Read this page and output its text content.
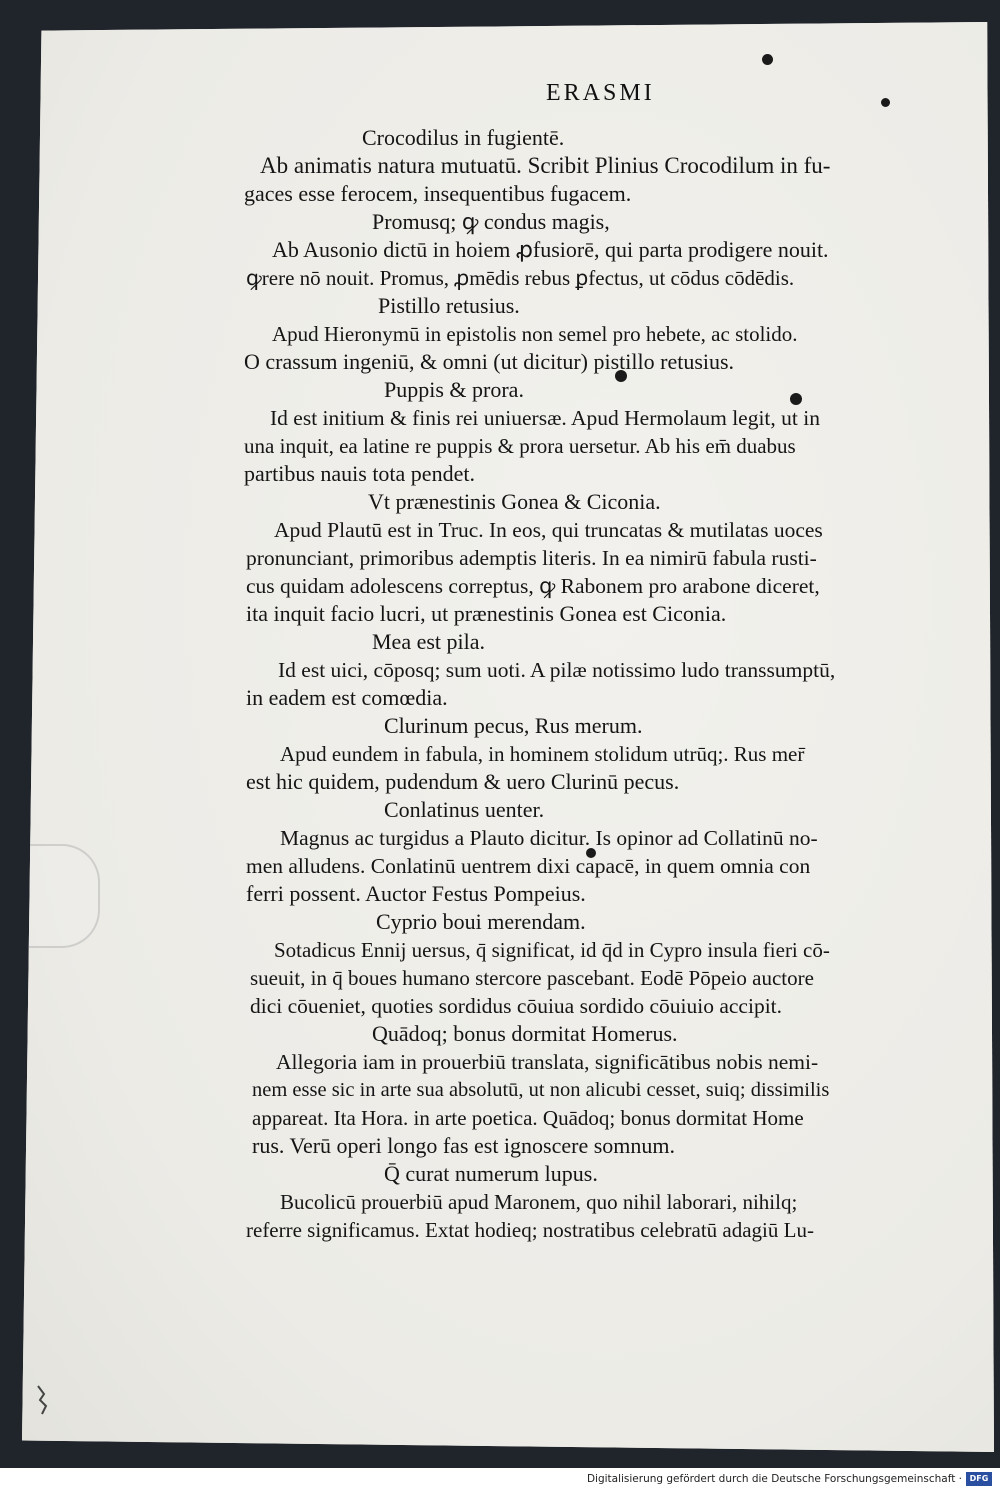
ERASMI
Crocodilus in fugientē.
Ab animatis natura mutuatū. Scribit Plinius Crocodilum in fu-
gaces esse ferocem, insequentibus fugacem.
Promusq; ꝙ condus magis,
Ab Ausonio dictū in hoiem ꝓfusiorē, qui parta prodigere nouit.
ꝙrere nō nouit. Promus, ꝓmēdis rebus ꝑfectus, ut cōdus cōdēdis.
Pistillo retusius.
Apud Hieronymū in epistolis non semel pro hebete, ac stolido.
O crassum ingeniū, & omni (ut dicitur) pistillo retusius.
Puppis & prora.
Id est initium & finis rei uniuersæ. Apud Hermolaum legit, ut in
una inquit, ea latine re puppis & prora uersetur. Ab his em̄ duabus
partibus nauis tota pendet.
Vt prænestinis Gonea & Ciconia.
Apud Plautū est in Truc. In eos, qui truncatas & mutilatas uoces
pronunciant, primoribus ademptis literis. In ea nimirū fabula rusti-
cus quidam adolescens correptus, ꝙ Rabonem pro arabone diceret,
ita inquit facio lucri, ut prænestinis Gonea est Ciconia.
Mea est pila.
Id est uici, cōposq; sum uoti. A pilæ notissimo ludo transsumptū,
in eadem est comœdia.
Clurinum pecus, Rus merum.
Apud eundem in fabula, in hominem stolidum utrūq;. Rus mer̄
est hic quidem, pudendum & uero Clurinū pecus.
Conlatinus uenter.
Magnus ac turgidus a Plauto dicitur. Is opinor ad Collatinū no-
men alludens. Conlatinū uentrem dixi capacē, in quem omnia con
ferri possent. Auctor Festus Pompeius.
Cyprio boui merendam.
Sotadicus Ennij uersus, q̄ significat, id q̄d in Cypro insula fieri cō-
sueuit, in q̄ boues humano stercore pascebant. Eodē Pōpeio auctore
dici cōueniet, quoties sordidus cōuiua sordido cōuiuio accipit.
Quādoq; bonus dormitat Homerus.
Allegoria iam in prouerbiū translata, significātibus nobis nemi-
nem esse sic in arte sua absolutū, ut non alicubi cesset, suiq; dissimilis
appareat. Ita Hora. in arte poetica. Quādoq; bonus dormitat Home
rus. Verū operi longo fas est ignoscere somnum.
Q̄ curat numerum lupus.
Bucolicū prouerbiū apud Maronem, quo nihil laborari, nihilq;
referre significamus. Extat hodieq; nostratibus celebratū adagiū Lu-
Digitalisierung gefördert durch die Deutsche Forschungsgemeinschaft · DFG
